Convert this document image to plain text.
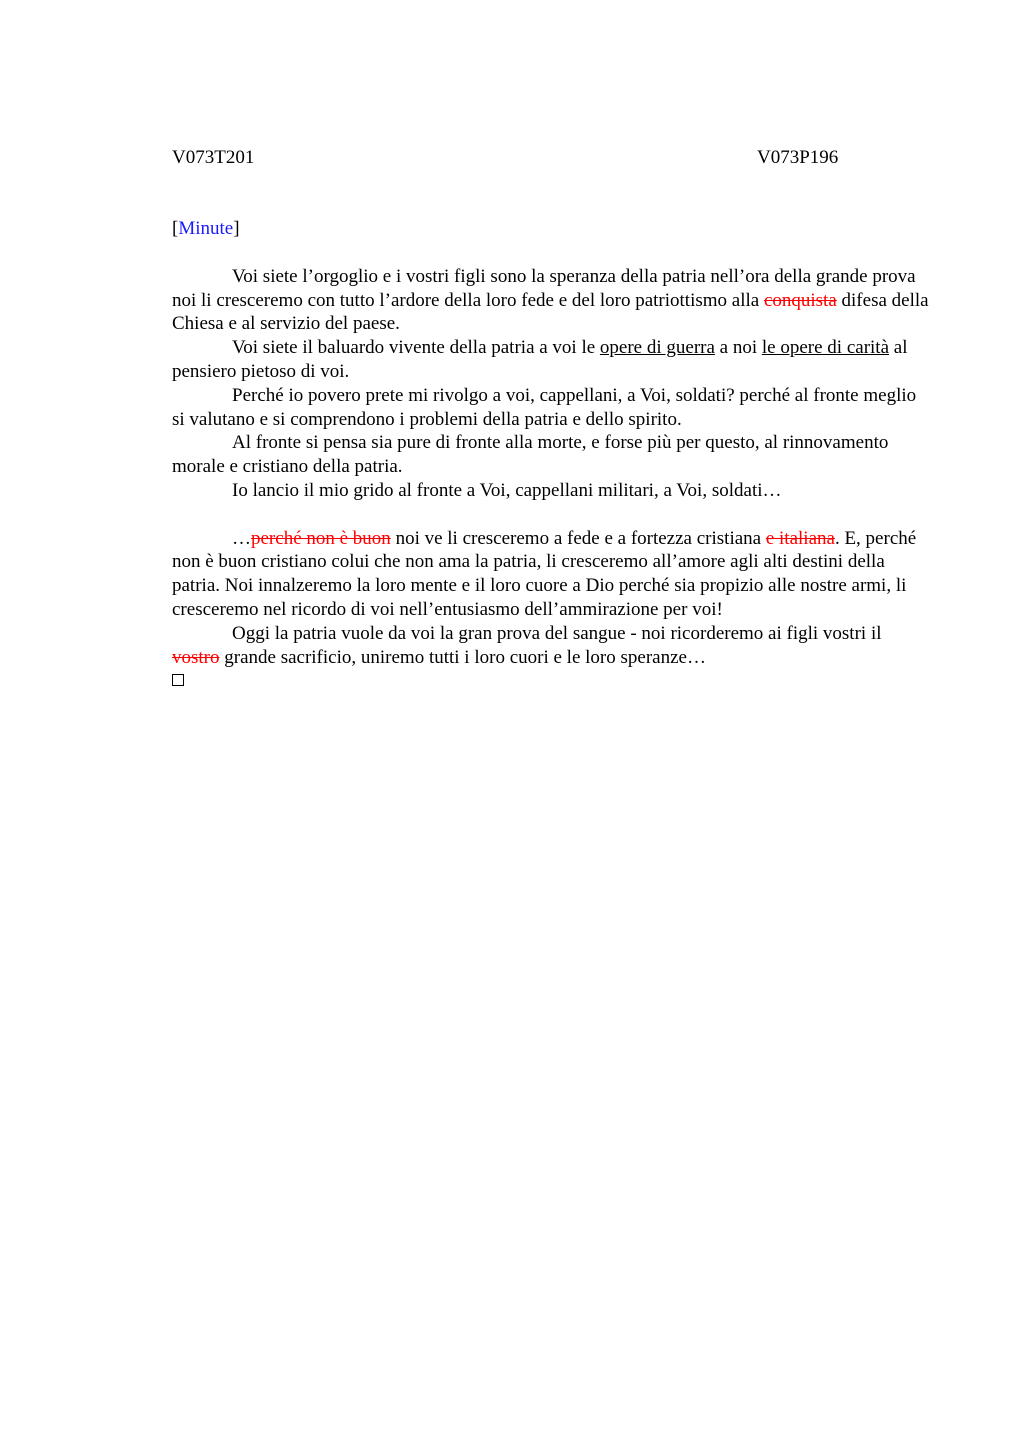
V073T201	V073P196
[Minute]

Voi siete l’orgoglio e i vostri figli sono la speranza della patria nell’ora della grande prova noi li cresceremo con tutto l’ardore della loro fede e del loro patriottismo alla conquista difesa della Chiesa e al servizio del paese.

Voi siete il baluardo vivente della patria a voi le opere di guerra a noi le opere di carità al pensiero pietoso di voi.

Perché io povero prete mi rivolgo a voi, cappellani, a Voi, soldati? perché al fronte meglio si valutano e si comprendono i problemi della patria e dello spirito.

Al fronte si pensa sia pure di fronte alla morte, e forse più per questo, al rinnovamento morale e cristiano della patria.

Io lancio il mio grido al fronte a Voi, cappellani militari, a Voi, soldati…

…perché non è buon noi ve li cresceremo a fede e a fortezza cristiana e italiana. E, perché non è buon cristiano colui che non ama la patria, li cresceremo all’amore agli alti destini della patria. Noi innalzeremo la loro mente e il loro cuore a Dio perché sia propizio alle nostre armi, li cresceremo nel ricordo di voi nell’entusiasmo dell’ammirazione per voi!

Oggi la patria vuole da voi la gran prova del sangue - noi ricorderemo ai figli vostri il vostro grande sacrificio, uniremo tutti i loro cuori e le loro speranze…
